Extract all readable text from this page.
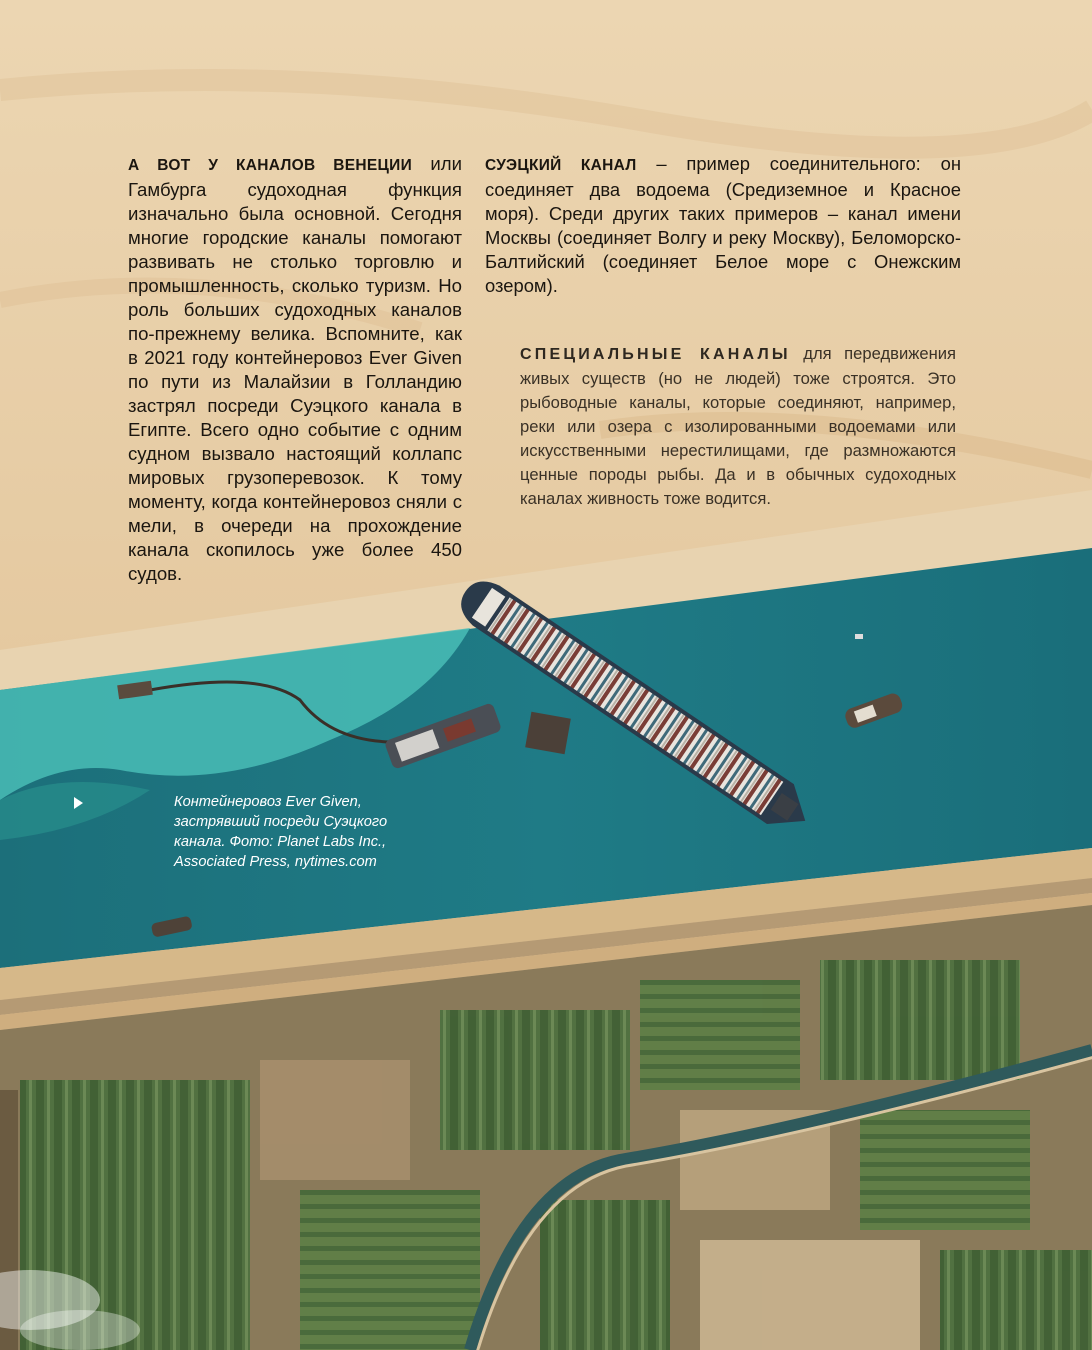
А ВОТ У КАНАЛОВ ВЕНЕЦИИ или Гамбурга судоходная функция изначально была основной. Сегодня многие городские каналы помогают развивать не столько торговлю и промышленность, сколько туризм. Но роль больших судоходных каналов по-прежнему велика. Вспомните, как в 2021 году контейнеровоз Ever Given по пути из Малайзии в Голландию застрял посреди Суэцкого канала в Египте. Всего одно событие с одним судном вызвало настоящий коллапс мировых грузоперевозок. К тому моменту, когда контейнеровоз сняли с мели, в очереди на прохождение канала скопилось уже более 450 судов.

СУЭЦКИЙ КАНАЛ – пример соединительного: он соединяет два водоема (Средиземное и Красное моря). Среди других таких примеров – канал имени Москвы (соединяет Волгу и реку Москву), Беломорско-Балтийский (соединяет Белое море с Онежским озером).

СПЕЦИАЛЬНЫЕ КАНАЛЫ для передвижения живых существ (но не людей) тоже строятся. Это рыбоводные каналы, которые соединяют, например, реки или озера с изолированными водоемами или искусственными нерестилищами, где размножаются ценные породы рыбы. Да и в обычных судоходных каналах живность тоже водится.

Контейнеровоз Ever Given, застрявший посреди Суэцкого канала. Фото: Planet Labs Inc., Associated Press, nytimes.com
